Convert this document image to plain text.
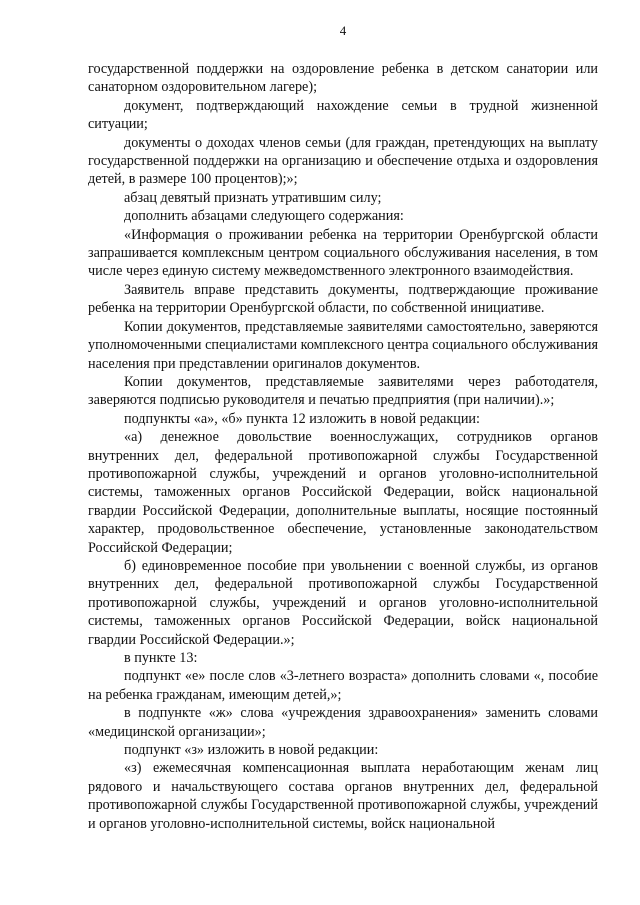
4

государственной поддержки на оздоровление ребенка в детском санатории или санаторном оздоровительном лагере);

документ, подтверждающий нахождение семьи в трудной жизненной ситуации;

документы о доходах членов семьи (для граждан, претендующих на выплату государственной поддержки на организацию и обеспечение отдыха и оздоровления детей, в размере 100 процентов);»;

абзац девятый признать утратившим силу;

дополнить абзацами следующего содержания:

«Информация о проживании ребенка на территории Оренбургской области запрашивается комплексным центром социального обслуживания населения, в том числе через единую систему межведомственного электронного взаимодействия.

Заявитель вправе представить документы, подтверждающие проживание ребенка на территории Оренбургской области, по собственной инициативе.

Копии документов, представляемые заявителями самостоятельно, заверяются уполномоченными специалистами комплексного центра социального обслуживания населения при представлении оригиналов документов.

Копии документов, представляемые заявителями через работодателя, заверяются подписью руководителя и печатью предприятия (при наличии).»;

подпункты «а», «б» пункта 12 изложить в новой редакции:

«а) денежное довольствие военнослужащих, сотрудников органов внутренних дел, федеральной противопожарной службы Государственной противопожарной службы, учреждений и органов уголовно-исполнительной системы, таможенных органов Российской Федерации, войск национальной гвардии Российской Федерации, дополнительные выплаты, носящие постоянный характер, продовольственное обеспечение, установленные законодательством Российской Федерации;

б) единовременное пособие при увольнении с военной службы, из органов внутренних дел, федеральной противопожарной службы Государственной противопожарной службы, учреждений и органов уголовно-исполнительной системы, таможенных органов Российской Федерации, войск национальной гвардии Российской Федерации.»;

в пункте 13:

подпункт «е» после слов «3-летнего возраста» дополнить словами «, пособие на ребенка гражданам, имеющим детей,»;

в подпункте «ж» слова «учреждения здравоохранения» заменить словами «медицинской организации»;

подпункт «з» изложить в новой редакции:

«з) ежемесячная компенсационная выплата неработающим женам лиц рядового и начальствующего состава органов внутренних дел, федеральной противопожарной службы Государственной противопожарной службы, учреждений и органов уголовно-исполнительной системы, войск национальной
